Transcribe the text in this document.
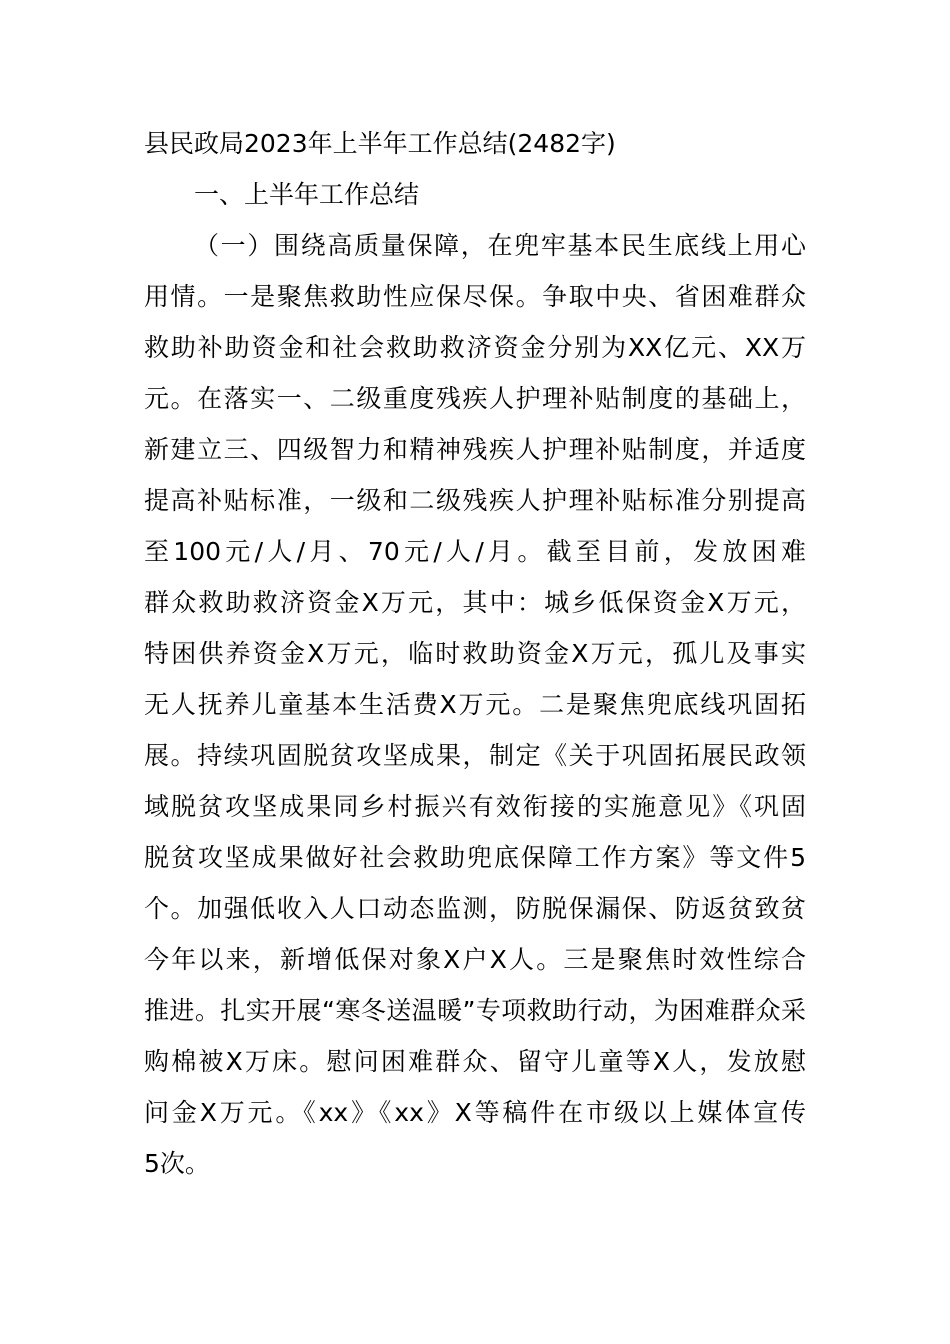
县民政局2023年上半年工作总结(2482字)
一、上半年工作总结
（一）围绕高质量保障，在兜牢基本民生底线上用心
用情。一是聚焦救助性应保尽保。争取中央、省困难群众
救助补助资金和社会救助救济资金分别为XX亿元、XX万
元。在落实一、二级重度残疾人护理补贴制度的基础上，
新建立三、四级智力和精神残疾人护理补贴制度，并适度
提高补贴标准，一级和二级残疾人护理补贴标准分别提高
至100元/人/月、70元/人/月。截至目前，发放困难
群众救助救济资金X万元，其中：城乡低保资金X万元，
特困供养资金X万元，临时救助资金X万元，孤儿及事实
无人抚养儿童基本生活费X万元。二是聚焦兜底线巩固拓
展。持续巩固脱贫攻坚成果，制定《关于巩固拓展民政领
域脱贫攻坚成果同乡村振兴有效衔接的实施意见》《巩固
脱贫攻坚成果做好社会救助兜底保障工作方案》等文件5
个。加强低收入人口动态监测，防脱保漏保、防返贫致贫
今年以来，新增低保对象X户X人。三是聚焦时效性综合
推进。扎实开展“寒冬送温暖”专项救助行动，为困难群众采
购棉被X万床。慰问困难群众、留守儿童等X人，发放慰
问金X万元。《xx》《xx》X等稿件在市级以上媒体宣传
5次。
